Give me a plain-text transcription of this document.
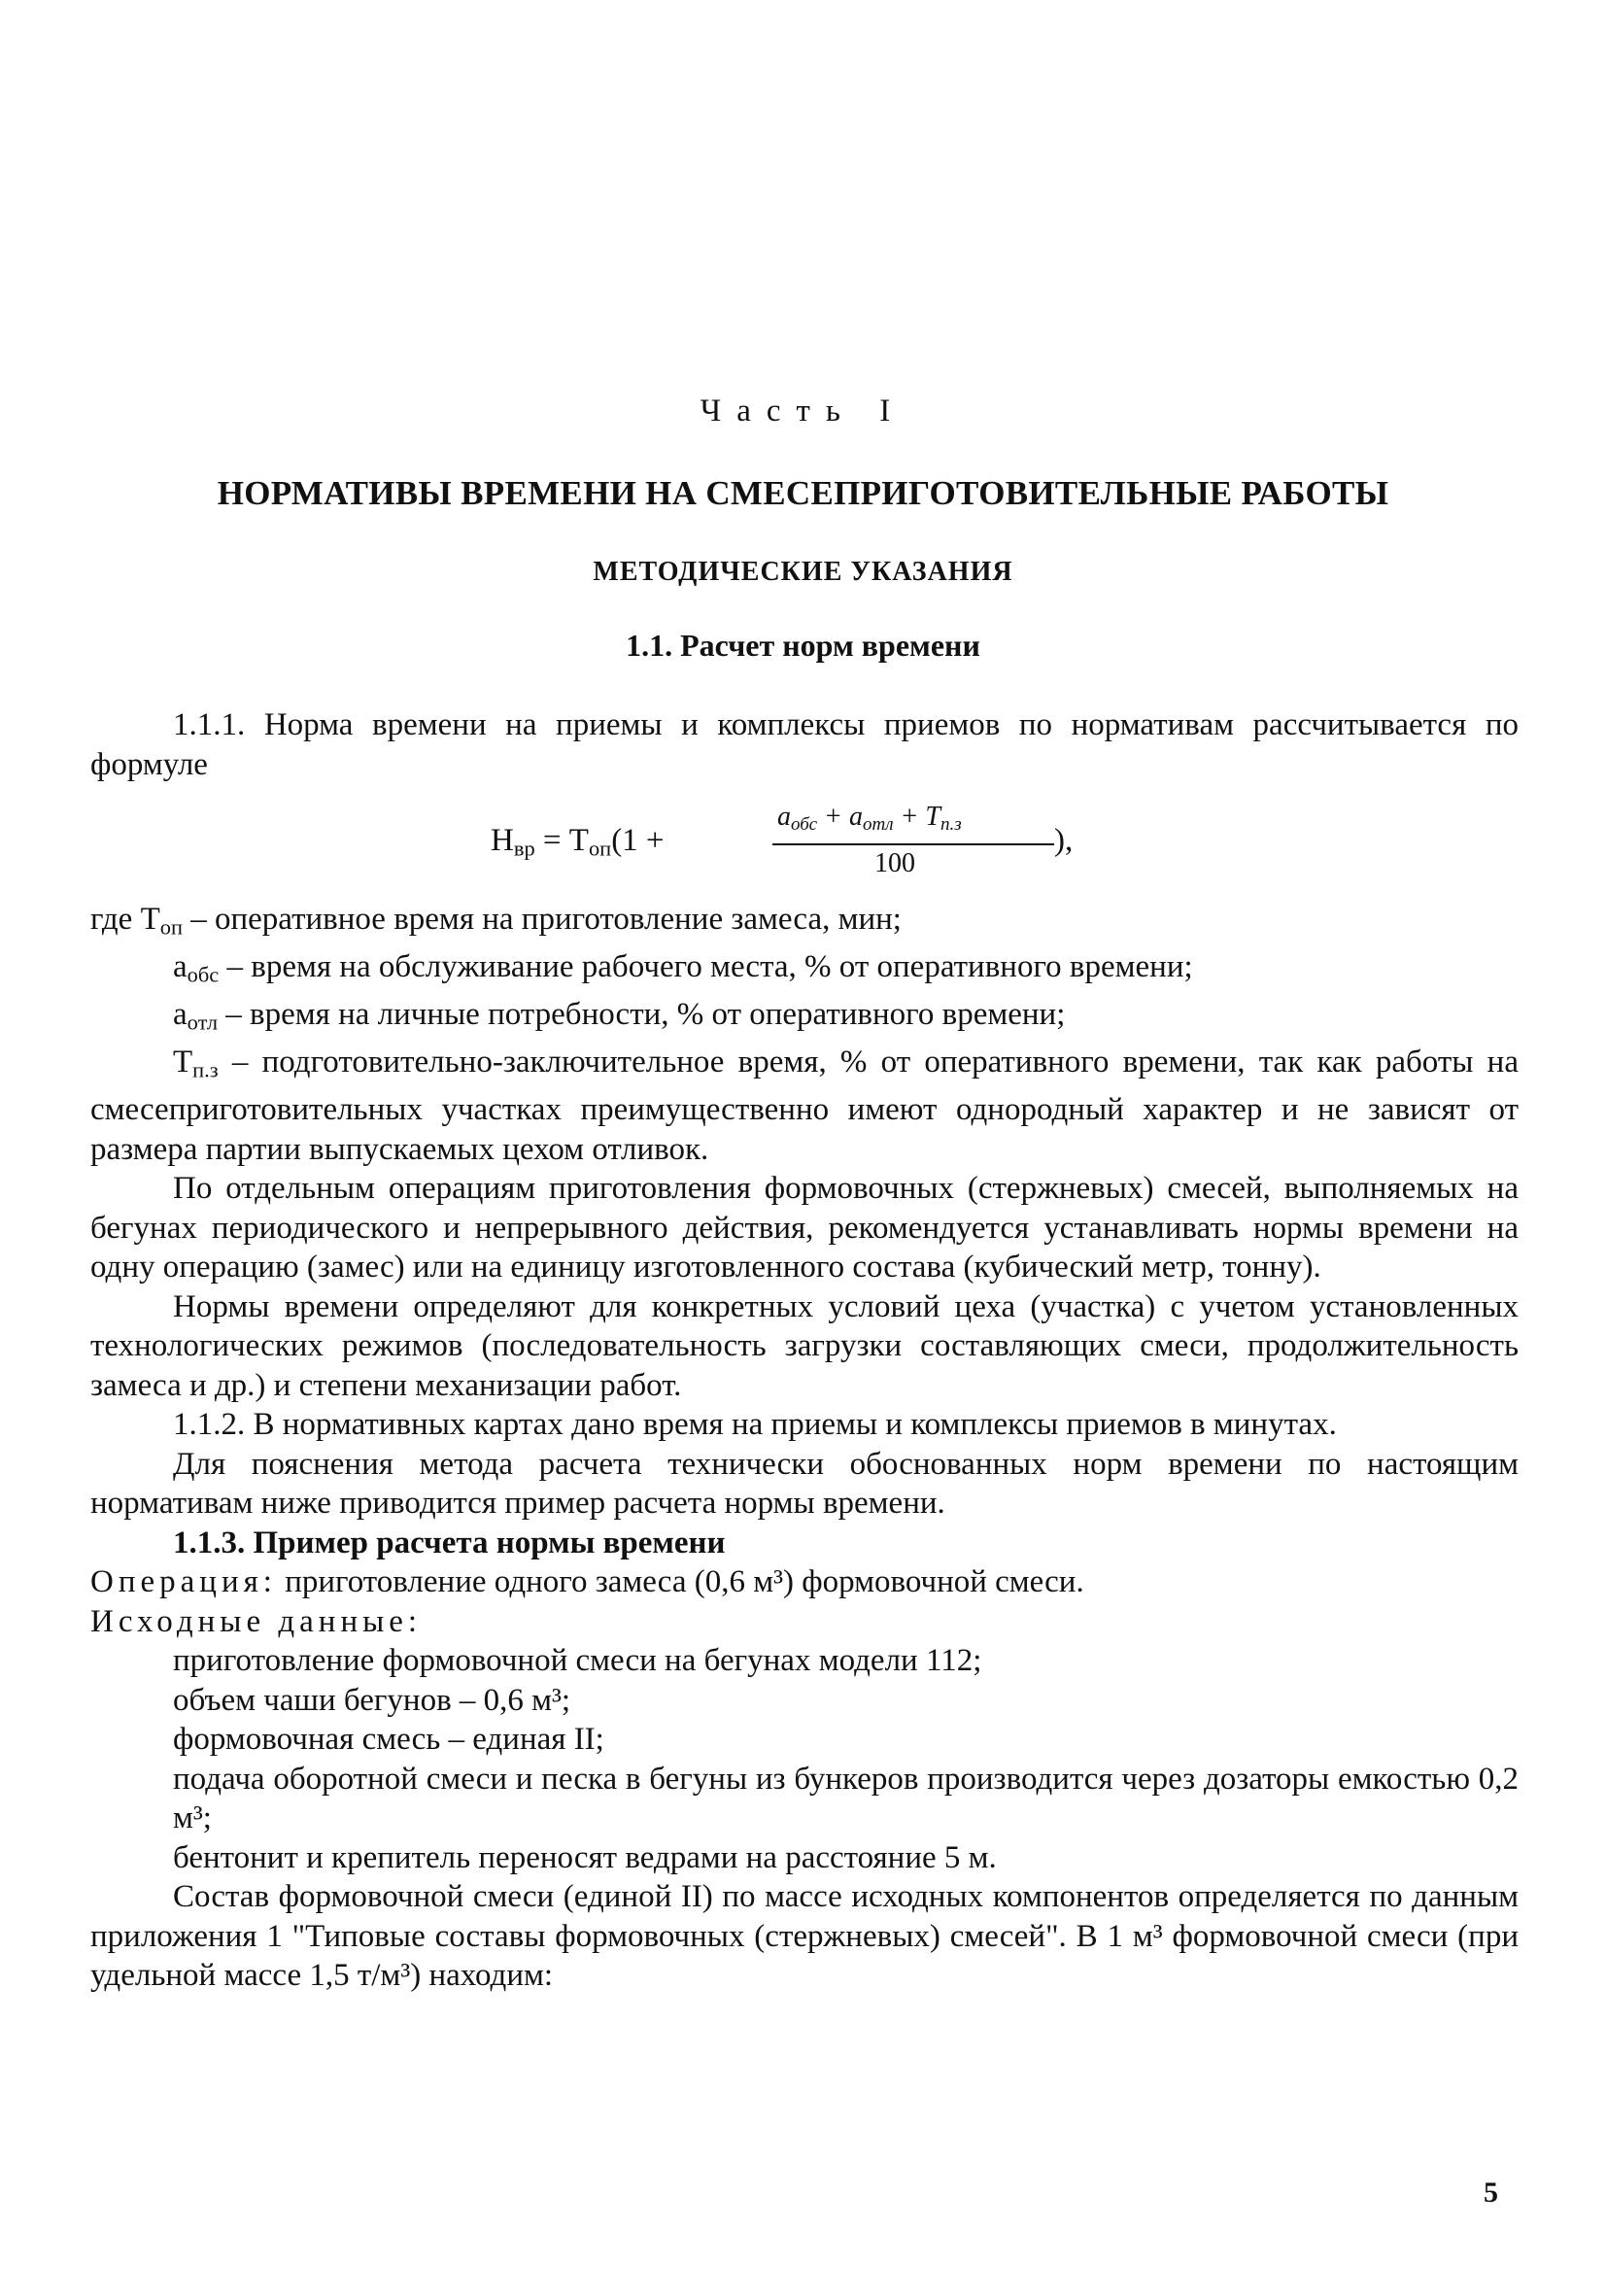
Часть I
НОРМАТИВЫ ВРЕМЕНИ НА СМЕСЕПРИГОТОВИТЕЛЬНЫЕ РАБОТЫ
МЕТОДИЧЕСКИЕ УКАЗАНИЯ
1.1. Расчет норм времени

1.1.1. Норма времени на приемы и комплексы приемов по нормативам рассчитывается по формуле

$Н_{вр} = Т_{оп}(1$ +
$a_{обс} + a_{отл} + Т_{п.з}$
100
),

где $Т_{оп}$ – оперативное время на приготовление замеса, мин;

$a_{обс}$ – время на обслуживание рабочего места, % от оперативного времени;

$a_{отл}$ – время на личные потребности, % от оперативного времени;

$Т_{п.з}$ – подготовительно-заключительное время, % от оперативного времени, так как работы на смесеприготовительных участках преимущественно имеют однородный характер и не зависят от размера партии выпускаемых цехом отливок.

По отдельным операциям приготовления формовочных (стержневых) смесей, выполняемых на бегунах периодического и непрерывного действия, рекомендуется устанавливать нормы времени на одну операцию (замес) или на единицу изготовленного состава (кубический метр, тонну).

Нормы времени определяют для конкретных условий цеха (участка) с учетом установленных технологических режимов (последовательность загрузки составляющих смеси, продолжительность замеса и др.) и степени механизации работ.

1.1.2. В нормативных картах дано время на приемы и комплексы приемов в минутах.

Для пояснения метода расчета технически обоснованных норм времени по настоящим нормативам ниже приводится пример расчета нормы времени.

1.1.3. Пример расчета нормы времени

Операция: приготовление одного замеса (0,6 м³) формовочной смеси.

Исходные данные:

приготовление формовочной смеси на бегунах модели 112;

объем чаши бегунов – 0,6 м³;

формовочная смесь – единая II;

подача оборотной смеси и песка в бегуны из бункеров производится через дозаторы емкостью 0,2 м³;

бентонит и крепитель переносят ведрами на расстояние 5 м.

Состав формовочной смеси (единой II) по массе исходных компонентов определяется по данным приложения 1 "Типовые составы формовочных (стержневых) смесей". В 1 м³ формовочной смеси (при удельной массе 1,5 т/м³) находим:

5
